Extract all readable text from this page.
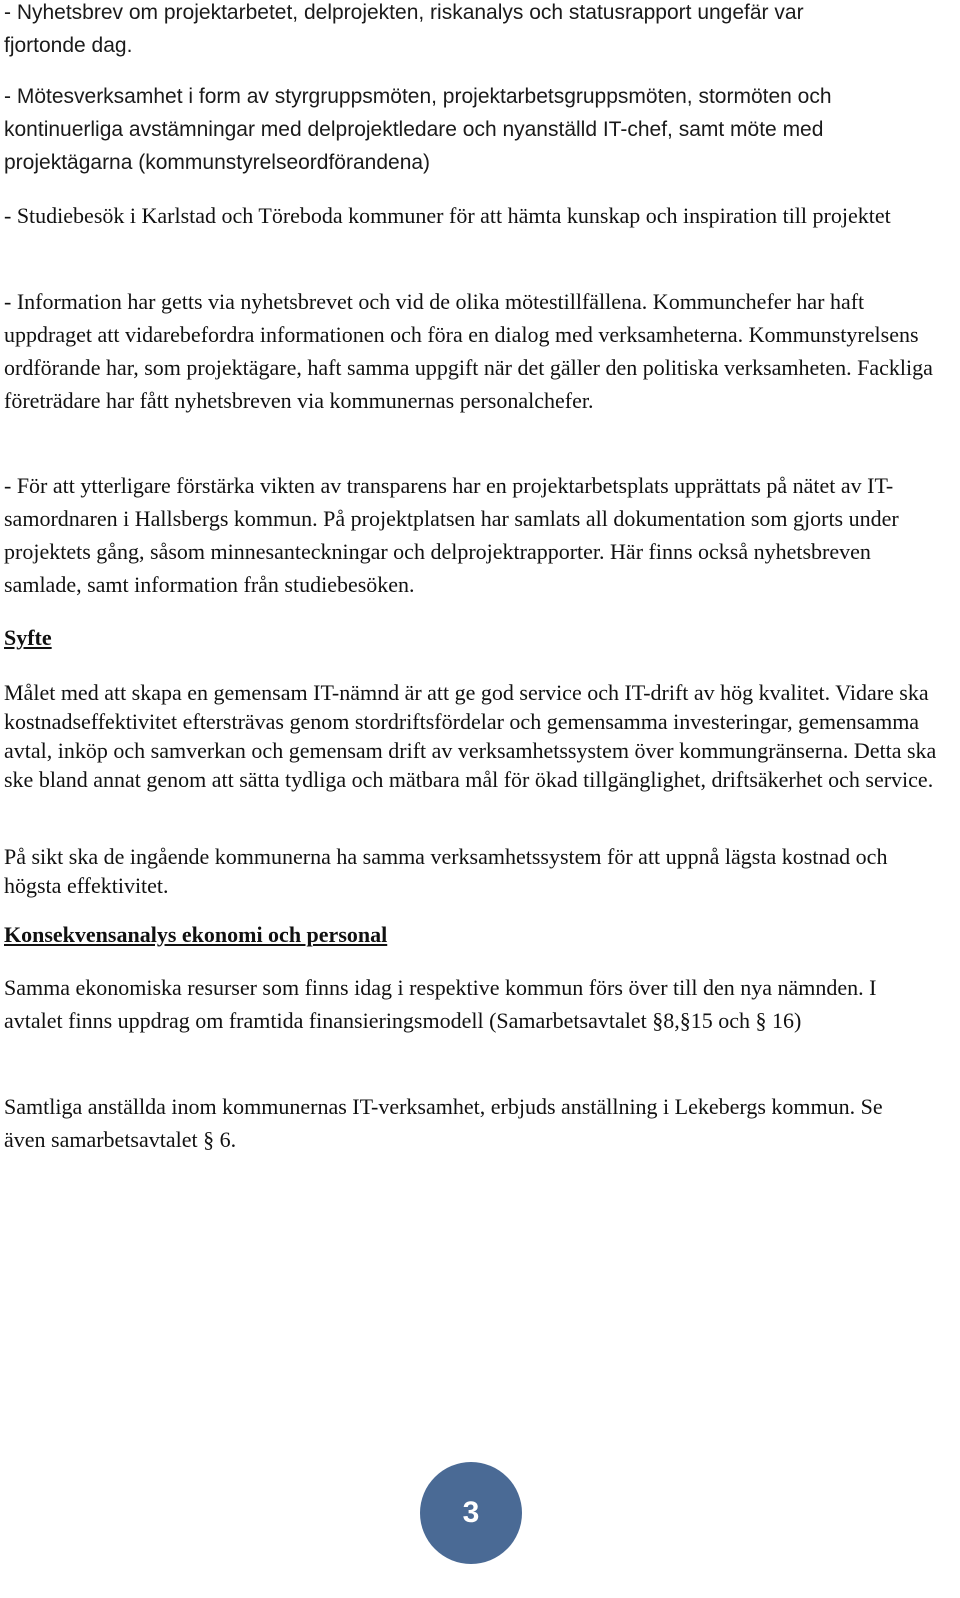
- Nyhetsbrev om projektarbetet, delprojekten, riskanalys och statusrapport ungefär var fjortonde dag.

- Mötesverksamhet i form av styrgruppsmöten, projektarbetsgruppsmöten, stormöten och kontinuerliga avstämningar med delprojektledare och nyanställd IT-chef, samt möte med projektägarna (kommunstyrelseordförandena)

- Studiebesök i Karlstad och Töreboda kommuner för att hämta kunskap och inspiration till projektet

- Information har getts via nyhetsbrevet och vid de olika mötestillfällena. Kommunchefer har haft uppdraget att vidarebefordra informationen och föra en dialog med verksamheterna. Kommunstyrelsens ordförande har, som projektägare, haft samma uppgift när det gäller den politiska verksamheten. Fackliga företrädare har fått nyhetsbreven via kommunernas personalchefer.

- För att ytterligare förstärka vikten av transparens har en projektarbetsplats upprättats på nätet av IT- samordnaren i Hallsbergs kommun. På projektplatsen har samlats all dokumentation som gjorts under projektets gång, såsom minnesanteckningar och delprojektrapporter. Här finns också nyhetsbreven samlade, samt information från studiebesöken.

Syfte

Målet med att skapa en gemensam IT-nämnd är att ge god service och IT-drift av hög kvalitet. Vidare ska kostnadseffektivitet eftersträvas genom stordriftsfördelar och gemensamma investeringar, gemensamma avtal, inköp och samverkan och gemensam drift av verksamhetssystem över kommungränserna. Detta ska ske bland annat genom att sätta tydliga och mätbara mål för ökad tillgänglighet, driftsäkerhet och service.

På sikt ska de ingående kommunerna ha samma verksamhetssystem för att uppnå lägsta kostnad och högsta effektivitet.

Konsekvensanalys ekonomi och personal

Samma ekonomiska resurser som finns idag i respektive kommun förs över till den nya nämnden. I avtalet finns uppdrag om framtida finansieringsmodell (Samarbetsavtalet §8,§15 och § 16)

Samtliga anställda inom kommunernas IT-verksamhet, erbjuds anställning i Lekebergs kommun. Se även samarbetsavtalet § 6.

3
